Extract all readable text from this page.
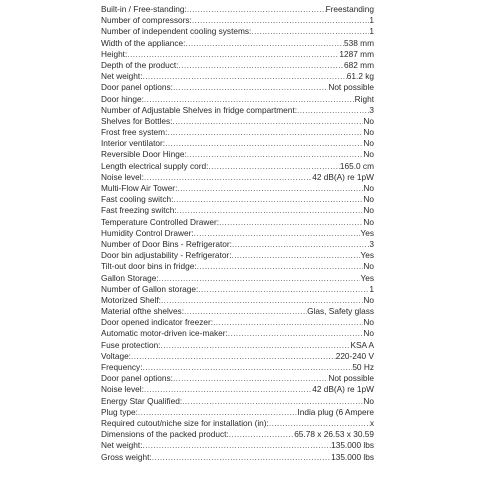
Built-in / Free-standing: .....	Freestanding
Number of compressors: .....	1
Number of independent cooling systems: .....	1
Width of the appliance: .....	538 mm
Height: .....	1287 mm
Depth of the product: .....	682 mm
Net weight: .....	61.2 kg
Door panel options: .....	Not possible
Door hinge: .....	Right
Number of Adjustable Shelves in fridge compartment: .....	3
Shelves for Bottles: .....	No
Frost free system: .....	No
Interior ventilator: .....	No
Reversible Door Hinge: .....	No
Length electrical supply cord: .....	165.0 cm
Noise level: .....	42 dB(A) re 1pW
Multi-Flow Air Tower: .....	No
Fast cooling switch: .....	No
Fast freezing switch: .....	No
Temperature Controlled Drawer: .....	No
Humidity Control Drawer: .....	Yes
Number of Door Bins - Refrigerator: .....	3
Door bin adjustability - Refrigerator: .....	Yes
Tilt-out door bins in fridge: .....	No
Gallon Storage: .....	Yes
Number of Gallon storage: .....	1
Motorized Shelf: .....	No
Material ofthe shelves: .....	Glas, Safety glass
Door opened indicator freezer: .....	No
Automatic motor-driven ice-maker: .....	No
Fuse protection: .....	KSA A
Voltage: .....	220-240 V
Frequency: .....	50 Hz
Door panel options: .....	Not possible
Noise level: .....	42 dB(A) re 1pW
Energy Star Qualified: .....	No
Plug type: .....	India plug (6 Ampere
Required cutout/niche size for installation (in): .....	x
Dimensions of the packed product: .....	65.78 x 26.53 x 30.59
Net weight: .....	135.000 lbs
Gross weight: .....	135.000 lbs
